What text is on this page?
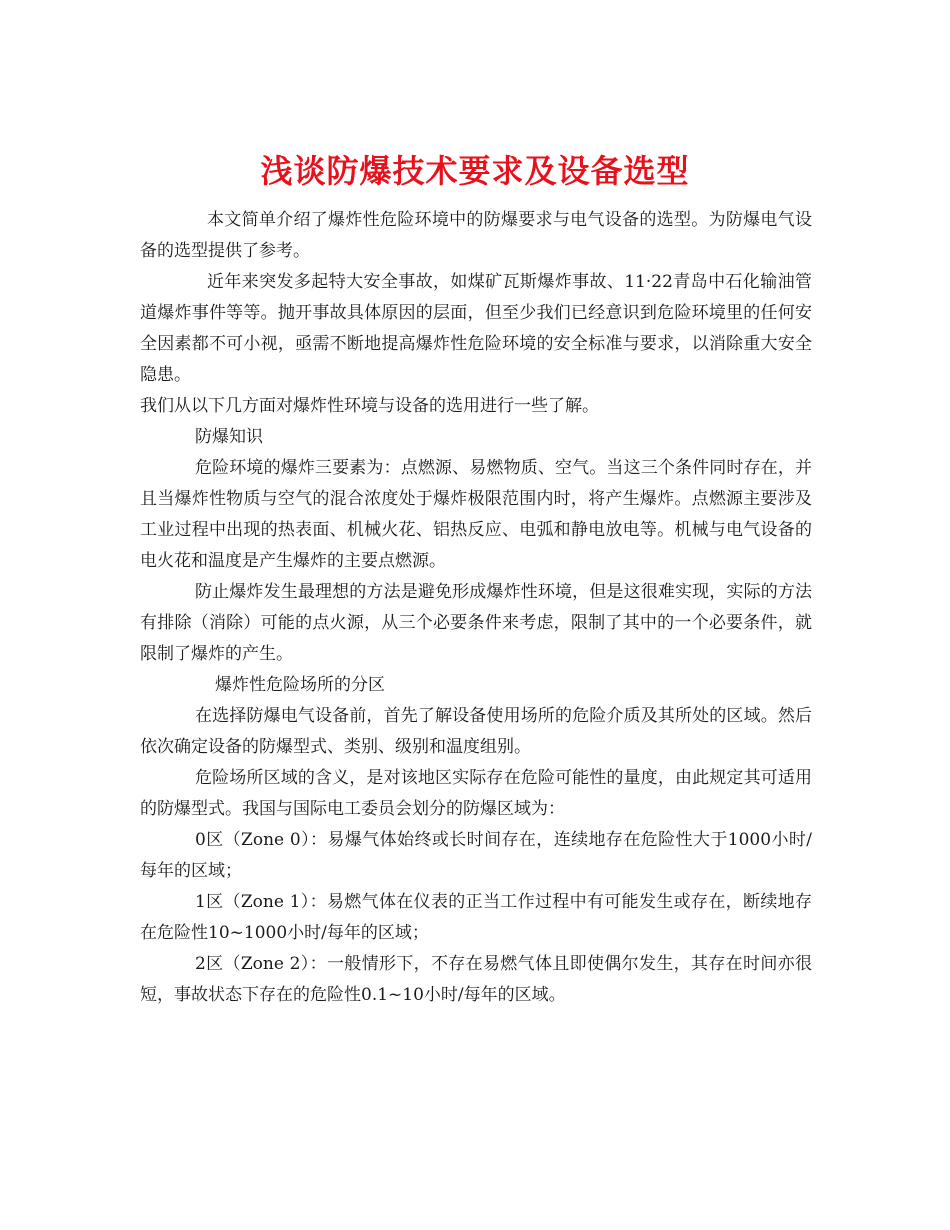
浅谈防爆技术要求及设备选型

本文简单介绍了爆炸性危险环境中的防爆要求与电气设备的选型。为防爆电气设备的选型提供了参考。

近年来突发多起特大安全事故，如煤矿瓦斯爆炸事故、11·22青岛中石化输油管道爆炸事件等等。抛开事故具体原因的层面，但至少我们已经意识到危险环境里的任何安全因素都不可小视，亟需不断地提高爆炸性危险环境的安全标准与要求，以消除重大安全隐患。

我们从以下几方面对爆炸性环境与设备的选用进行一些了解。

防爆知识

危险环境的爆炸三要素为：点燃源、易燃物质、空气。当这三个条件同时存在，并且当爆炸性物质与空气的混合浓度处于爆炸极限范围内时，将产生爆炸。点燃源主要涉及工业过程中出现的热表面、机械火花、铝热反应、电弧和静电放电等。机械与电气设备的电火花和温度是产生爆炸的主要点燃源。

防止爆炸发生最理想的方法是避免形成爆炸性环境，但是这很难实现，实际的方法有排除（消除）可能的点火源，从三个必要条件来考虑，限制了其中的一个必要条件，就限制了爆炸的产生。

爆炸性危险场所的分区

在选择防爆电气设备前，首先了解设备使用场所的危险介质及其所处的区域。然后依次确定设备的防爆型式、类别、级别和温度组别。

危险场所区域的含义，是对该地区实际存在危险可能性的量度，由此规定其可适用的防爆型式。我国与国际电工委员会划分的防爆区域为：

0区（Zone 0）：易爆气体始终或长时间存在，连续地存在危险性大于1000小时/每年的区域；

1区（Zone 1）：易燃气体在仪表的正当工作过程中有可能发生或存在，断续地存在危险性10~1000小时/每年的区域；

2区（Zone 2）：一般情形下，不存在易燃气体且即使偶尔发生，其存在时间亦很短，事故状态下存在的危险性0.1~10小时/每年的区域。
